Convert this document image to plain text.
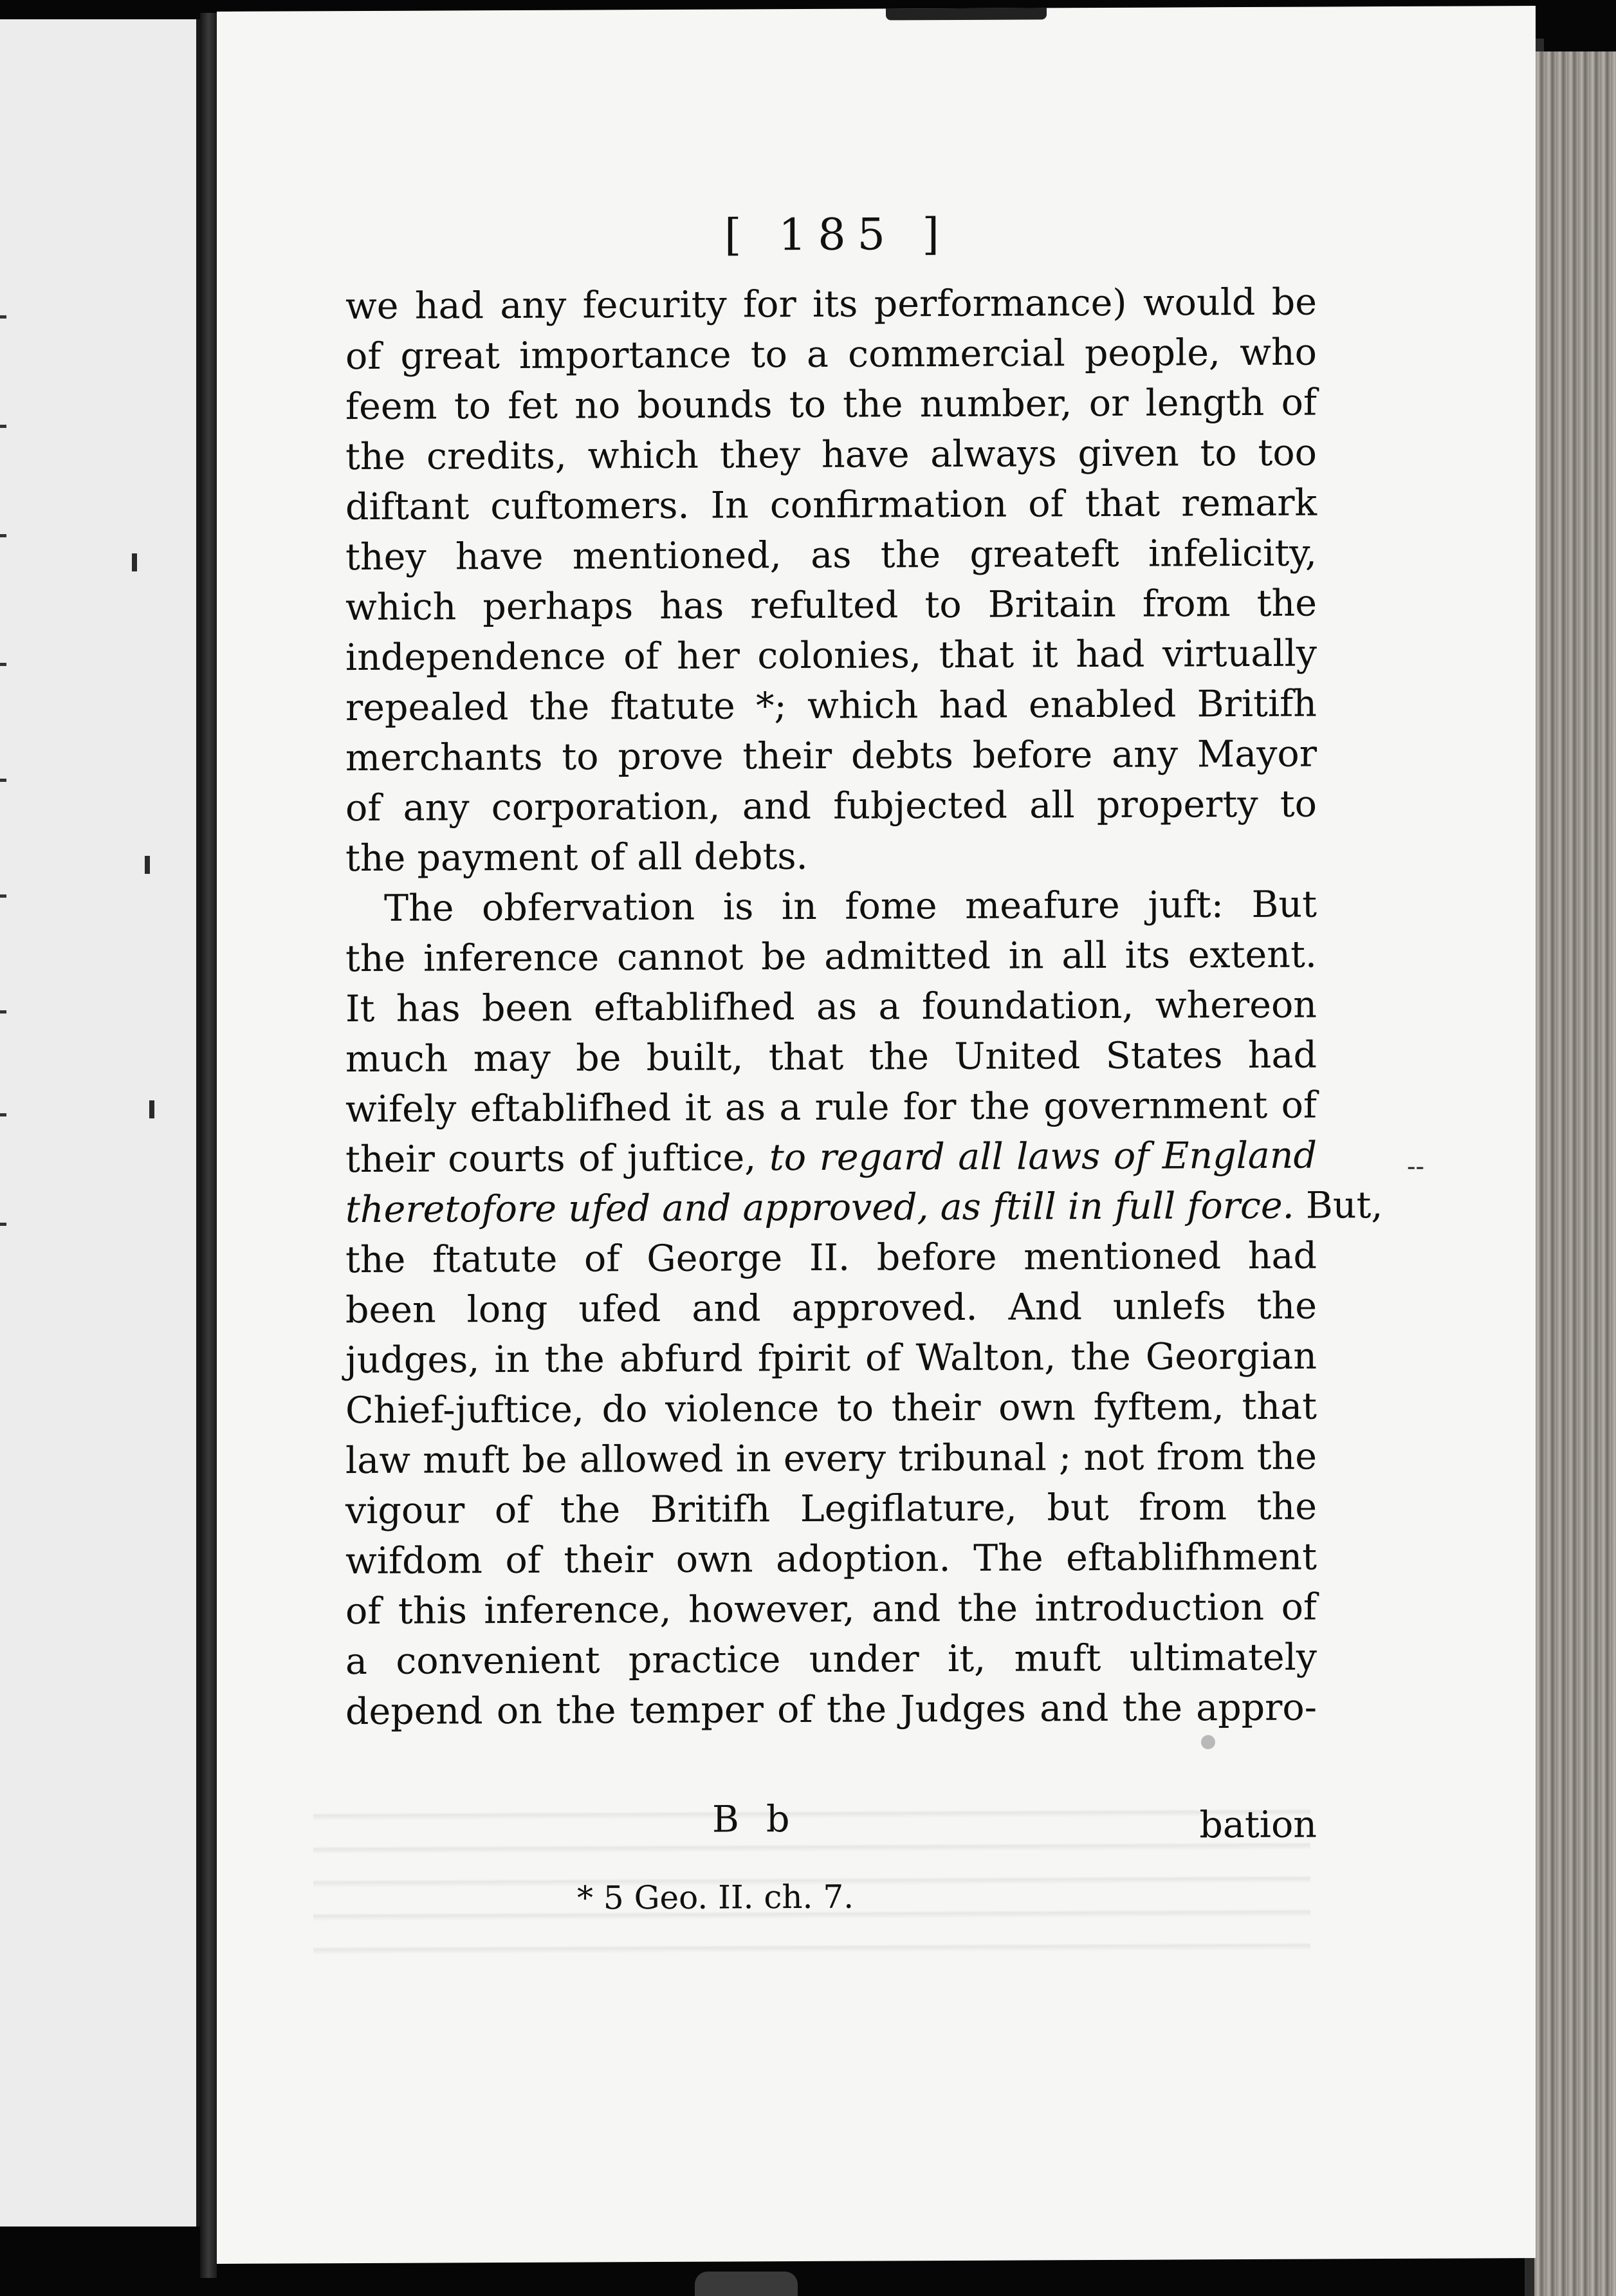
[ 185 ]
we had any fecurity for its performance) would be
of great importance to a commercial people, who
feem to fet no bounds to the number, or length of
the credits, which they have always given to too
diftant cuftomers. In confirmation of that remark
they have mentioned, as the greateft infelicity,
which perhaps has refulted to Britain from the
independence of her colonies, that it had virtually
repealed the ftatute *; which had enabled Britifh
merchants to prove their debts before any Mayor
of any corporation, and fubjected all property to
the payment of all debts.
The obfervation is in fome meafure juft: But
the inference cannot be admitted in all its extent.
It has been eftablifhed as a foundation, whereon
much may be built, that the United States had
wifely eftablifhed it as a rule for the government of
their courts of juftice, to regard all laws of England
theretofore ufed and approved, as ftill in full force. But,
the ftatute of George II. before mentioned had
been long ufed and approved. And unlefs the
judges, in the abfurd fpirit of Walton, the Georgian
Chief-juftice, do violence to their own fyftem, that
law muft be allowed in every tribunal ; not from the
vigour of the Britifh Legiflature, but from the
wifdom of their own adoption. The eftablifhment
of this inference, however, and the introduction of
a convenient practice under it, muft ultimately
depend on the temper of the Judges and the appro-
--
B b	bation
* 5 Geo. II. ch. 7.
